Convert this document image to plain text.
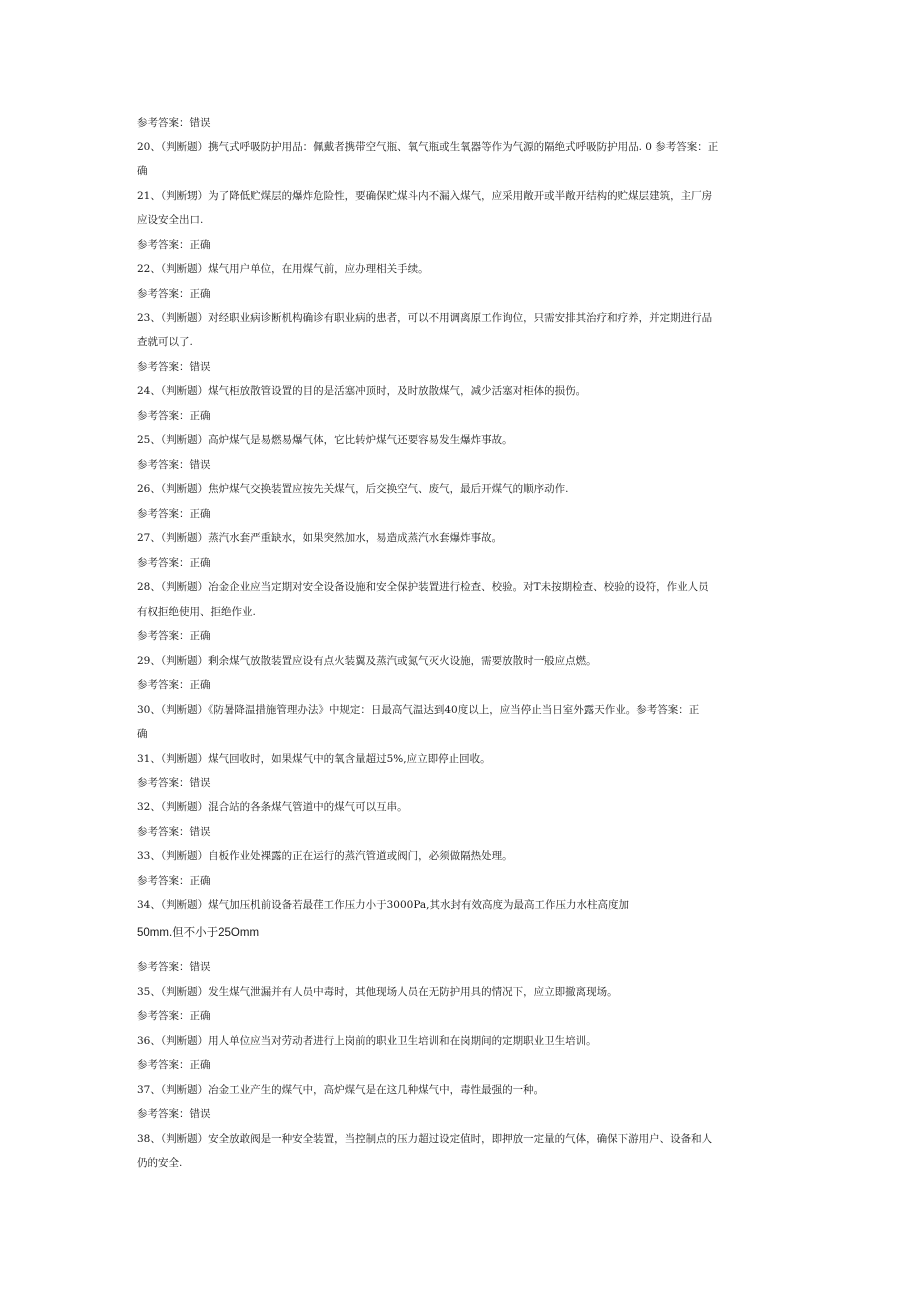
参考答案：错误
20、（判断题）携气式呼吸防护用品：佩戴者携带空气瓶、氧气瓶或生氧器等作为气源的隔绝式呼吸防护用品. 0 参考答案：正
确
21、（判断甥）为了降低贮煤层的爆炸危险性，要确保贮煤斗内不漏入煤气，应采用敞开或半敞开结构的贮煤层建筑，主厂房
应设安全出口.
参考答案：正确
22、（判断题）煤气用户单位，在用煤气前，应办理相关手续。
参考答案：正确
23、（判断题）对经职业病诊断机构确诊有职业病的患者，可以不用调离原工作询位，只需安排其治疗和疗养，并定期进行品
查就可以了.
参考答案：错误
24、（判断题）煤气柜放散管设置的目的是活塞冲顶时，及时放散煤气，减少活塞对柜体的损伤。
参考答案：正确
25、（判断题）高炉煤气是易燃易爆气体，它比转炉煤气还要容易发生爆炸事故。
参考答案：错误
26、（判断题）焦炉煤气交换装置应按先关煤气，后交换空气、废气，最后开煤气的顺序动作.
参考答案：正确
27、（判断题）蒸汽水套严重缺水，如果突然加水，易造成蒸汽水套爆炸事故。
参考答案：正确
28、（判断题）冶金企业应当定期对安全设备设施和安全保护装置进行检查、校验。对T未按期检查、校验的设符，作业人员
有权拒绝使用、拒绝作业.
参考答案：正确
29、（判断题）剩余煤气放散装置应设有点火装翼及蒸汽或氮气灭火设施，需要放散时一般应点燃。
参考答案：正确
30、（判断题）《防暑降温措施管理办法》中规定：日最高气温达到40度以上，应当停止当日室外露天作业。参考答案：正
确
31、（判断题）煤气回收时，如果煤气中的氧含量超过5%,应立即停止回收。
参考答案：错误
32、（判断题）混合站的各条煤气管道中的煤气可以互串。
参考答案：错误
33、（判断题）自板作业处裸露的正在运行的蒸汽管道或阀门，必须做隔热处理。
参考答案：正确
34、（判断题）煤气加压机前设备若最荏工作压力小于3000Pa,其水封有效高度为最高工作压力水柱高度加
50mm.但不小于25Omm
参考答案：错误
35、（判断题）发生煤气泄漏并有人员中毒时，其他现场人员在无防护用具的情况下，应立即撤离现场。
参考答案：正确
36、（判断题）用人单位应当对劳动者进行上岗前的职业卫生培训和在岗期间的定期职业卫生培训。
参考答案：正确
37、（判断题）冶金工业产生的煤气中，高炉煤气是在这几种煤气中，毒性最强的一种。
参考答案：错误
38、（判断题）安全放敢阀是一种安全装置，当控制点的压力超过设定值时，即押放一定量的气体，确保下游用户、设备和人
仍的安全.
